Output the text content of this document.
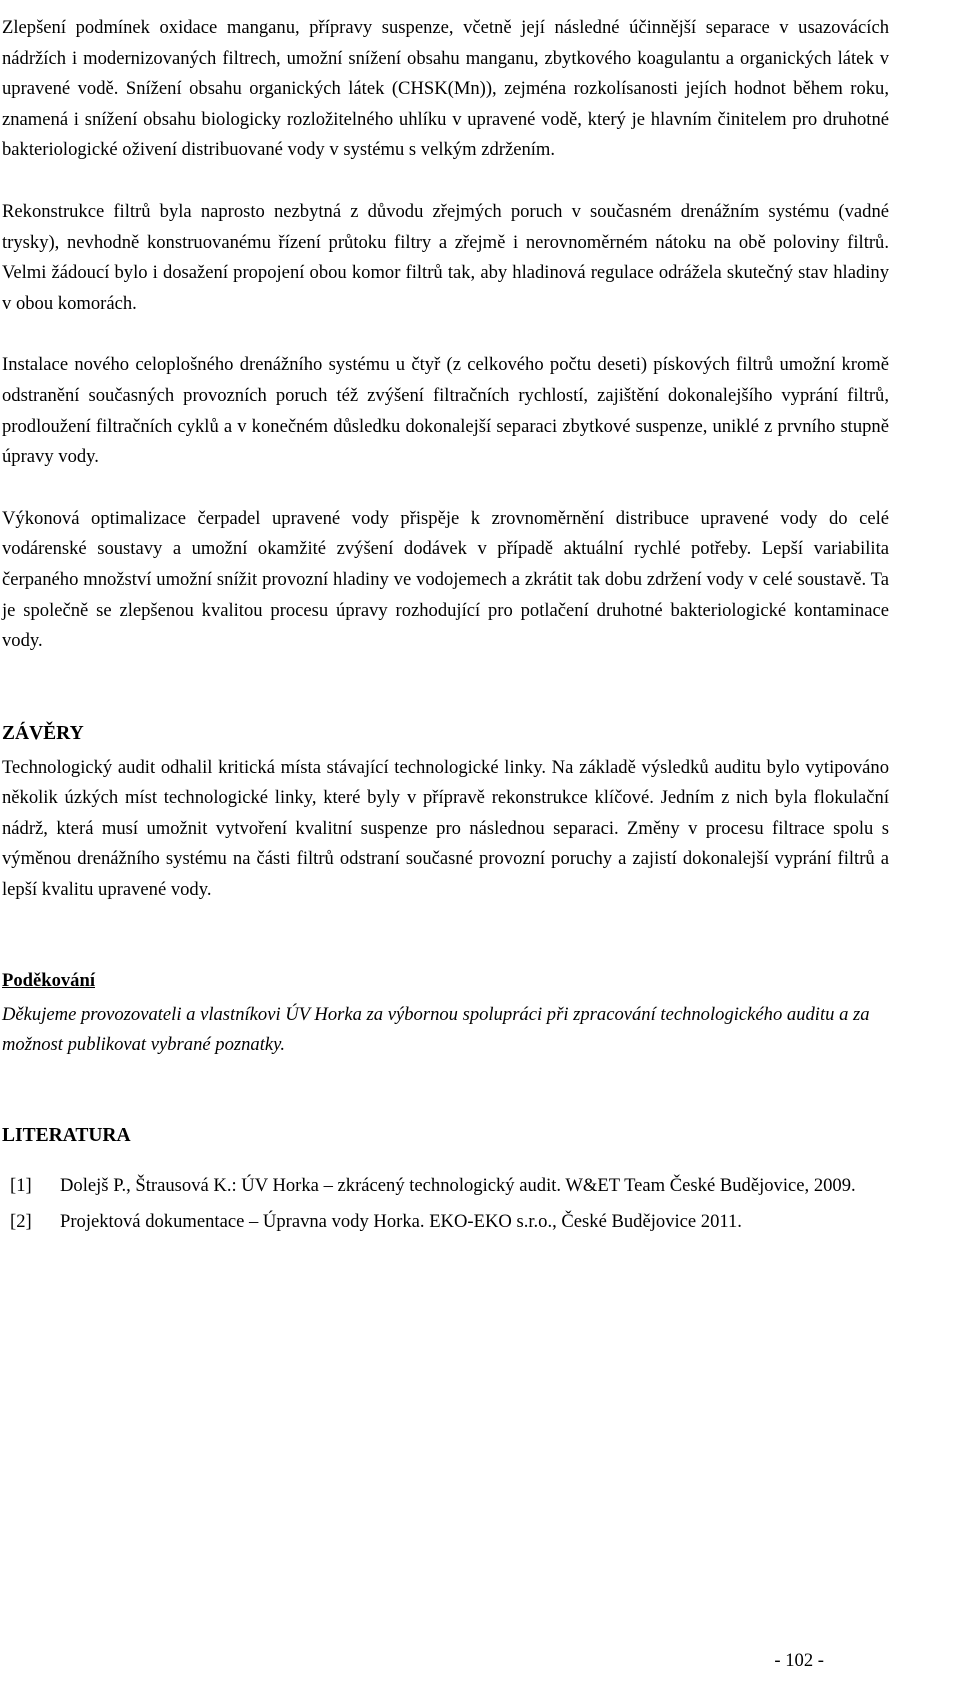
Zlepšení podmínek oxidace manganu, přípravy suspenze, včetně její následné účinnější separace v usazovácích nádržích i modernizovaných filtrech, umožní snížení obsahu manganu, zbytkového koagulantu a organických látek v upravené vodě. Snížení obsahu organických látek (CHSK(Mn)), zejména rozkolísanosti jejích hodnot během roku, znamená i snížení obsahu biologicky rozložitelného uhlíku v upravené vodě, který je hlavním činitelem pro druhotné bakteriologické oživení distribuované vody v systému s velkým zdržením.

Rekonstrukce filtrů byla naprosto nezbytná z důvodu zřejmých poruch v současném drenážním systému (vadné trysky), nevhodně konstruovanému řízení průtoku filtry a zřejmě i nerovnoměrném nátoku na obě poloviny filtrů. Velmi žádoucí bylo i dosažení propojení obou komor filtrů tak, aby hladinová regulace odrážela skutečný stav hladiny v obou komorách.

Instalace nového celoplošného drenážního systému u čtyř (z celkového počtu deseti) pískových filtrů umožní kromě odstranění současných provozních poruch též zvýšení filtračních rychlostí, zajištění dokonalejšího vyprání filtrů, prodloužení filtračních cyklů a v konečném důsledku dokonalejší separaci zbytkové suspenze, uniklé z prvního stupně úpravy vody.

Výkonová optimalizace čerpadel upravené vody přispěje k zrovnoměrnění distribuce upravené vody do celé vodárenské soustavy a umožní okamžité zvýšení dodávek v případě aktuální rychlé potřeby. Lepší variabilita čerpaného množství umožní snížit provozní hladiny ve vodojemech a zkrátit tak dobu zdržení vody v celé soustavě. Ta je společně se zlepšenou kvalitou procesu úpravy rozhodující pro potlačení druhotné bakteriologické kontaminace vody.

ZÁVĚRY

Technologický audit odhalil kritická místa stávající technologické linky. Na základě výsledků auditu bylo vytipováno několik úzkých míst technologické linky, které byly v přípravě rekonstrukce klíčové. Jedním z nich byla flokulační nádrž, která musí umožnit vytvoření kvalitní suspenze pro následnou separaci. Změny v procesu filtrace spolu s výměnou drenážního systému na části filtrů odstraní současné provozní poruchy a zajistí dokonalejší vyprání filtrů a lepší kvalitu upravené vody.

Poděkování

Děkujeme provozovateli a vlastníkovi ÚV Horka za výbornou spolupráci při zpracování technologického auditu a za možnost publikovat vybrané poznatky.

LITERATURA
[1] Dolejš P., Štrausová K.: ÚV Horka – zkrácený technologický audit. W&ET Team České Budějovice, 2009.
[2] Projektová dokumentace – Úpravna vody Horka. EKO-EKO s.r.o., České Budějovice 2011.
- 102 -
